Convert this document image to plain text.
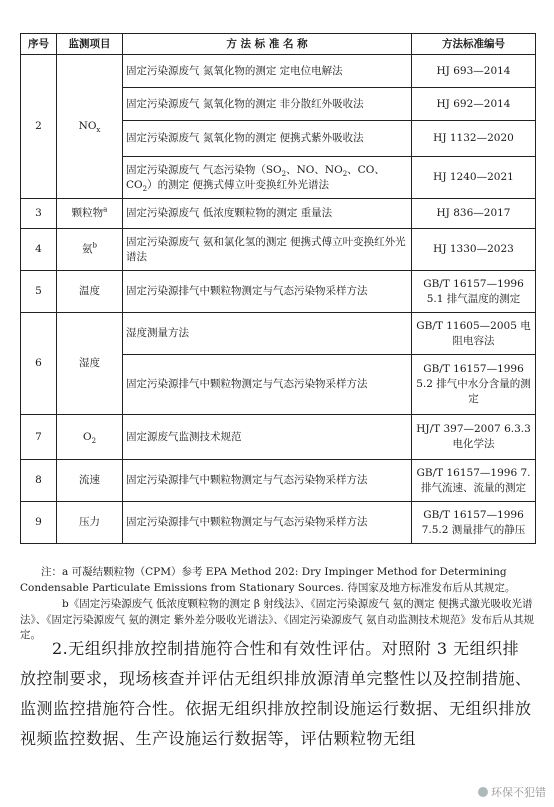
序号	监测项目	方 法 标 准 名 称	方法标准编号
2	$NO_x$	固定污染源废气 氮氧化物的测定 定电位电解法	HJ 693—2014
		固定污染源废气 氮氧化物的测定 非分散红外吸收法	HJ 692—2014
		固定污染源废气 氮氧化物的测定 便携式紫外吸收法	HJ 1132—2020
		固定污染源废气 气态污染物（$SO_2$、NO、$NO_2$、CO、$CO_2$）的测定 便携式傅立叶变换红外光谱法	HJ 1240—2021
3	颗粒物$^a$	固定污染源废气 低浓度颗粒物的测定 重量法	HJ 836—2017
4	氨$^b$	固定污染源废气 氨和氯化氢的测定 便携式傅立叶变换红外光谱法	HJ 1330—2023
5	温度	固定污染源排气中颗粒物测定与气态污染物采样方法	GB/T 16157—1996 5.1 排气温度的测定
6	湿度	湿度测量方法	GB/T 11605—2005 电阻电容法
		固定污染源排气中颗粒物测定与气态污染物采样方法	GB/T 16157—1996 5.2 排气中水分含量的测定
7	$O_2$	固定源废气监测技术规范	HJ/T 397—2007 6.3.3 电化学法
8	流速	固定污染源排气中颗粒物测定与气态污染物采样方法	GB/T 16157—1996 7.排气流速、流量的测定
9	压力	固定污染源排气中颗粒物测定与气态污染物采样方法	GB/T 16157—1996 7.5.2 测量排气的静压

注：a 可凝结颗粒物（CPM）参考 EPA Method 202: Dry Impinger Method for Determining Condensable Particulate Emissions from Stationary Sources. 待国家及地方标准发布后从其规定。

b《固定污染源废气 低浓度颗粒物的测定 β 射线法》、《固定污染源废气 氨的测定 便携式激光吸收光谱法》、《固定污染源废气 氨的测定 紫外差分吸收光谱法》、《固定污染源废气 氨自动监测技术规范》发布后从其规定。

2.无组织排放控制措施符合性和有效性评估。对照附 3 无组织排放控制要求，现场核查并评估无组织排放源清单完整性以及控制措施、监测监控措施符合性。依据无组织排放控制设施运行数据、无组织排放视频监控数据、生产设施运行数据等，评估颗粒物无组

环保不犯错
